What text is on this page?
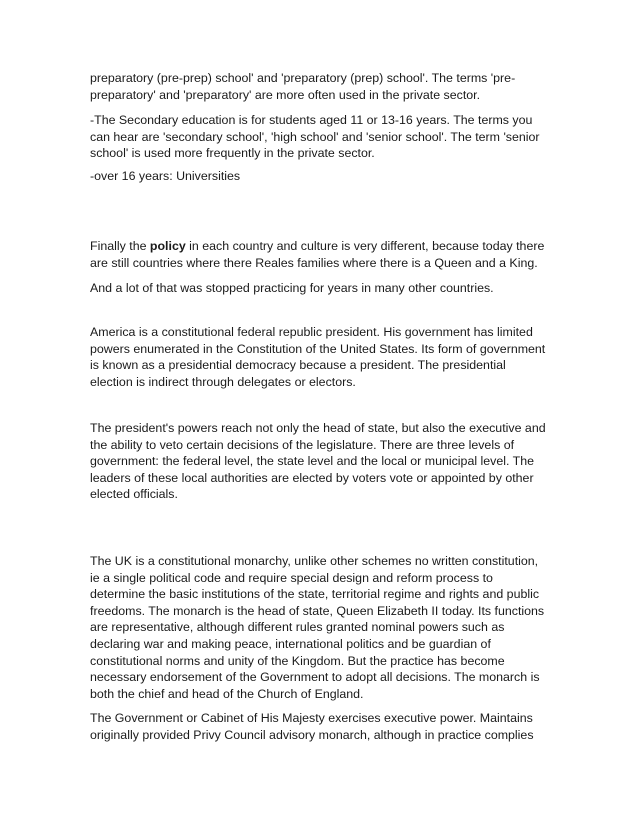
preparatory (pre-prep) school' and 'preparatory (prep) school'. The terms 'pre-
preparatory' and 'preparatory' are more often used in the private sector.

-The Secondary education is for students aged 11 or 13-16 years. The terms you
can hear are 'secondary school', 'high school' and 'senior school'. The term 'senior
school' is used more frequently in the private sector.

-over 16 years: Universities

Finally the policy in each country and culture is very different, because today there
are still countries where there Reales families where there is a Queen and a King.

And a lot of that was stopped practicing for years in many other countries.

America is a constitutional federal republic president. His government has limited
powers enumerated in the Constitution of the United States. Its form of government
is known as a presidential democracy because a president. The presidential
election is indirect through delegates or electors.

The president's powers reach not only the head of state, but also the executive and
the ability to veto certain decisions of the legislature. There are three levels of
government: the federal level, the state level and the local or municipal level. The
leaders of these local authorities are elected by voters vote or appointed by other
elected officials.

The UK is a constitutional monarchy, unlike other schemes no written constitution,
ie a single political code and require special design and reform process to
determine the basic institutions of the state, territorial regime and rights and public
freedoms. The monarch is the head of state, Queen Elizabeth II today. Its functions
are representative, although different rules granted nominal powers such as
declaring war and making peace, international politics and be guardian of
constitutional norms and unity of the Kingdom. But the practice has become
necessary endorsement of the Government to adopt all decisions. The monarch is
both the chief and head of the Church of England.

The Government or Cabinet of His Majesty exercises executive power. Maintains
originally provided Privy Council advisory monarch, although in practice complies
